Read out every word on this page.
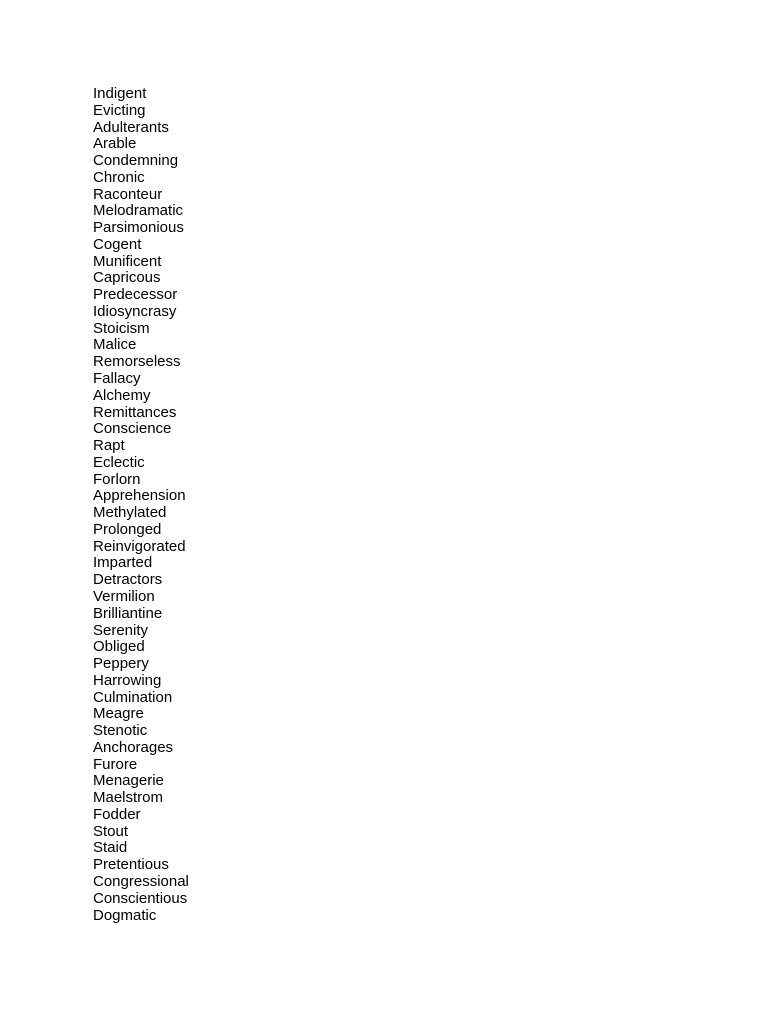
Indigent
Evicting
Adulterants
Arable
Condemning
Chronic
Raconteur
Melodramatic
Parsimonious
Cogent
Munificent
Capricous
Predecessor
Idiosyncrasy
Stoicism
Malice
Remorseless
Fallacy
Alchemy
Remittances
Conscience
Rapt
Eclectic
Forlorn
Apprehension
Methylated
Prolonged
Reinvigorated
Imparted
Detractors
Vermilion
Brilliantine
Serenity
Obliged
Peppery
Harrowing
Culmination
Meagre
Stenotic
Anchorages
Furore
Menagerie
Maelstrom
Fodder
Stout
Staid
Pretentious
Congressional
Conscientious
Dogmatic
